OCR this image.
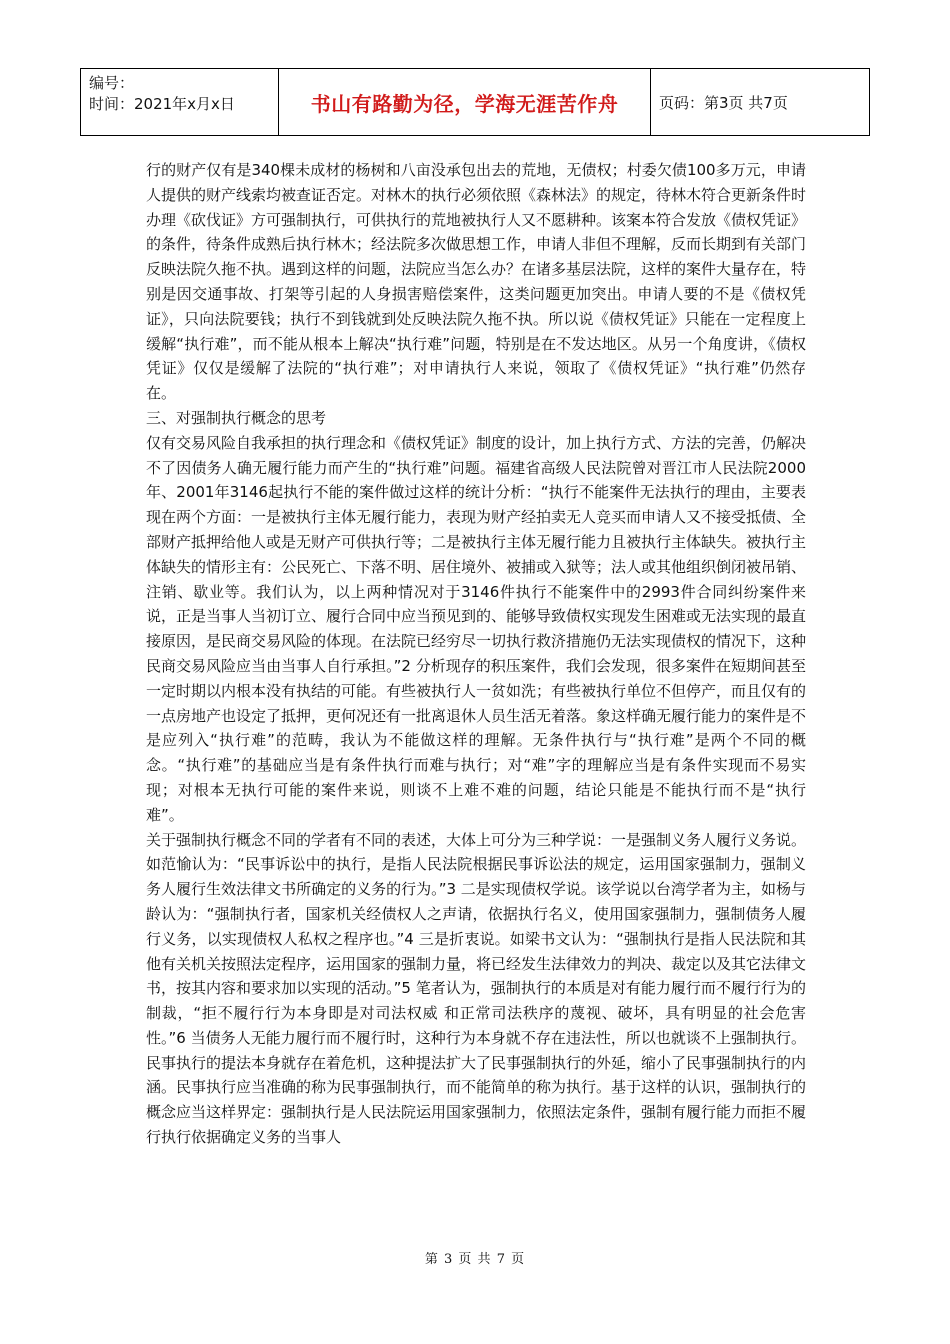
编号：
时间：2021年x月x日	书山有路勤为径，学海无涯苦作舟	页码：第3页 共7页

行的财产仅有是340棵未成材的杨树和八亩没承包出去的荒地，无债权；村委欠债100多万元，申请人提供的财产线索均被查证否定。对林木的执行必须依照《森林法》的规定，待林木符合更新条件时办理《砍伐证》方可强制执行，可供执行的荒地被执行人又不愿耕种。该案本符合发放《债权凭证》的条件，待条件成熟后执行林木；经法院多次做思想工作，申请人非但不理解，反而长期到有关部门反映法院久拖不执。遇到这样的问题，法院应当怎么办？在诸多基层法院，这样的案件大量存在，特别是因交通事故、打架等引起的人身损害赔偿案件，这类问题更加突出。申请人要的不是《债权凭证》，只向法院要钱；执行不到钱就到处反映法院久拖不执。所以说《债权凭证》只能在一定程度上缓解“执行难”，而不能从根本上解决“执行难”问题，特别是在不发达地区。从另一个角度讲，《债权凭证》仅仅是缓解了法院的“执行难”；对申请执行人来说，领取了《债权凭证》“执行难”仍然存在。

三、对强制执行概念的思考

仅有交易风险自我承担的执行理念和《债权凭证》制度的设计，加上执行方式、方法的完善，仍解决不了因债务人确无履行能力而产生的“执行难”问题。福建省高级人民法院曾对晋江市人民法院2000年、2001年3146起执行不能的案件做过这样的统计分析：“执行不能案件无法执行的理由，主要表现在两个方面：一是被执行主体无履行能力，表现为财产经拍卖无人竞买而申请人又不接受抵债、全部财产抵押给他人或是无财产可供执行等；二是被执行主体无履行能力且被执行主体缺失。被执行主体缺失的情形主有：公民死亡、下落不明、居住境外、被捕或入狱等；法人或其他组织倒闭被吊销、注销、歇业等。我们认为，以上两种情况对于3146件执行不能案件中的2993件合同纠纷案件来说，正是当事人当初订立、履行合同中应当预见到的、能够导致债权实现发生困难或无法实现的最直接原因，是民商交易风险的体现。在法院已经穷尽一切执行救济措施仍无法实现债权的情况下，这种民商交易风险应当由当事人自行承担。”2 分析现存的积压案件，我们会发现，很多案件在短期间甚至一定时期以内根本没有执结的可能。有些被执行人一贫如洗；有些被执行单位不但停产，而且仅有的一点房地产也设定了抵押，更何况还有一批离退休人员生活无着落。象这样确无履行能力的案件是不是应列入“执行难”的范畴，我认为不能做这样的理解。无条件执行与“执行难”是两个不同的概念。“执行难”的基础应当是有条件执行而难与执行；对“难”字的理解应当是有条件实现而不易实现；对根本无执行可能的案件来说，则谈不上难不难的问题，结论只能是不能执行而不是“执行难”。

关于强制执行概念不同的学者有不同的表述，大体上可分为三种学说：一是强制义务人履行义务说。如范愉认为：“民事诉讼中的执行，是指人民法院根据民事诉讼法的规定，运用国家强制力，强制义务人履行生效法律文书所确定的义务的行为。”3 二是实现债权学说。该学说以台湾学者为主，如杨与龄认为：“强制执行者，国家机关经债权人之声请，依据执行名义，使用国家强制力，强制债务人履行义务，以实现债权人私权之程序也。”4 三是折衷说。如梁书文认为：“强制执行是指人民法院和其他有关机关按照法定程序，运用国家的强制力量，将已经发生法律效力的判决、裁定以及其它法律文书，按其内容和要求加以实现的活动。”5 笔者认为，强制执行的本质是对有能力履行而不履行行为的制裁，“拒不履行行为本身即是对司法权威 和正常司法秩序的蔑视、破坏，具有明显的社会危害性。”6 当债务人无能力履行而不履行时，这种行为本身就不存在违法性，所以也就谈不上强制执行。民事执行的提法本身就存在着危机，这种提法扩大了民事强制执行的外延，缩小了民事强制执行的内涵。民事执行应当准确的称为民事强制执行，而不能简单的称为执行。基于这样的认识，强制执行的概念应当这样界定：强制执行是人民法院运用国家强制力，依照法定条件，强制有履行能力而拒不履行执行依据确定义务的当事人

第 3 页 共 7 页
